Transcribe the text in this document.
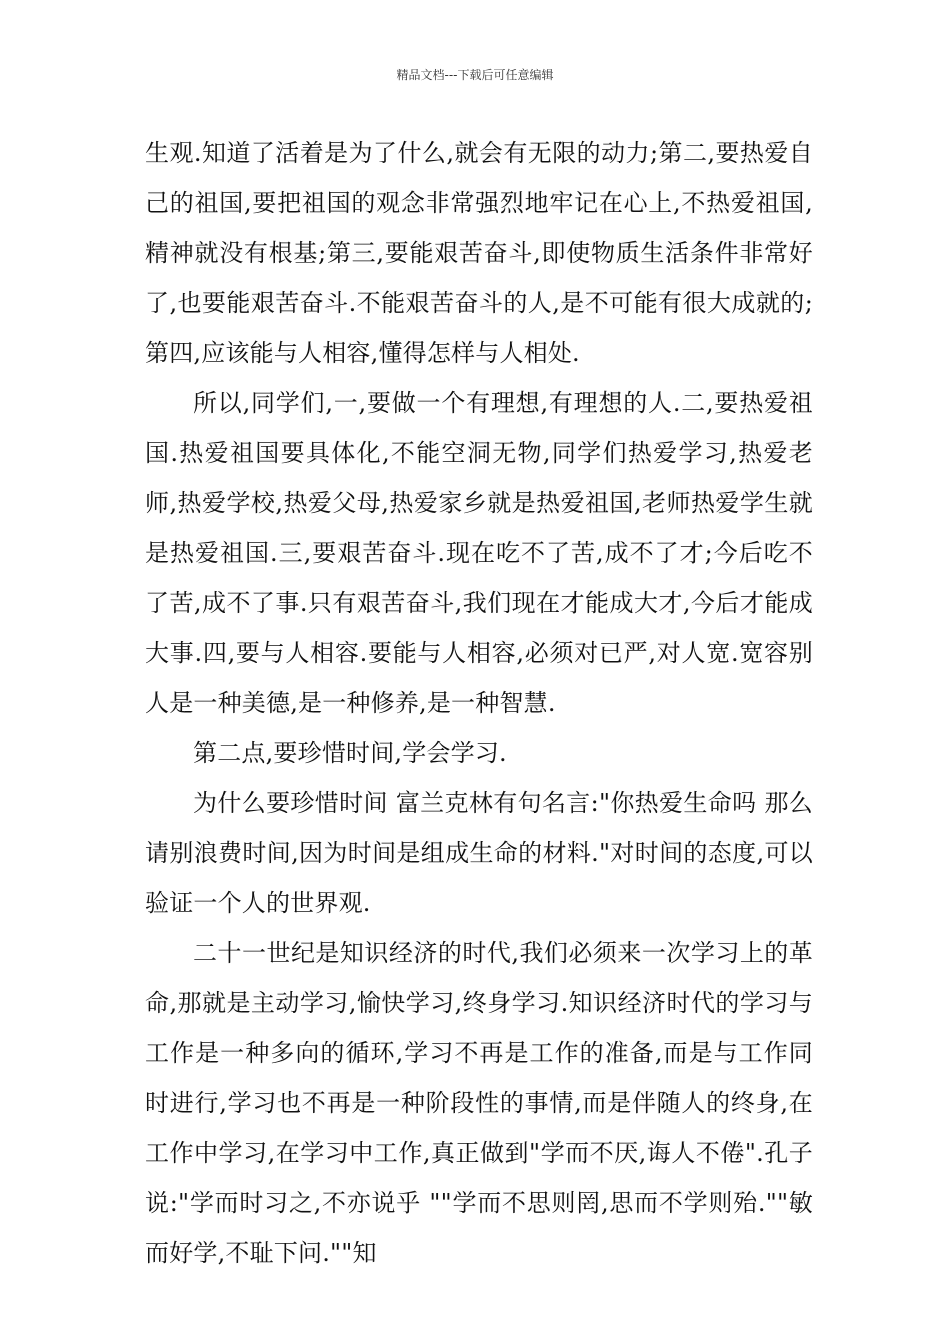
精品文档---下载后可任意编辑

生观.知道了活着是为了什么,就会有无限的动力;第二,要热爱自己的祖国,要把祖国的观念非常强烈地牢记在心上,不热爱祖国,精神就没有根基;第三,要能艰苦奋斗,即使物质生活条件非常好了,也要能艰苦奋斗.不能艰苦奋斗的人,是不可能有很大成就的;第四,应该能与人相容,懂得怎样与人相处.

所以,同学们,一,要做一个有理想,有理想的人.二,要热爱祖国.热爱祖国要具体化,不能空洞无物,同学们热爱学习,热爱老师,热爱学校,热爱父母,热爱家乡就是热爱祖国,老师热爱学生就是热爱祖国.三,要艰苦奋斗.现在吃不了苦,成不了才;今后吃不了苦,成不了事.只有艰苦奋斗,我们现在才能成大才,今后才能成大事.四,要与人相容.要能与人相容,必须对已严,对人宽.宽容别人是一种美德,是一种修养,是一种智慧.

第二点,要珍惜时间,学会学习.

为什么要珍惜时间 富兰克林有句名言:"你热爱生命吗 那么请别浪费时间,因为时间是组成生命的材料."对时间的态度,可以验证一个人的世界观.

二十一世纪是知识经济的时代,我们必须来一次学习上的革命,那就是主动学习,愉快学习,终身学习.知识经济时代的学习与工作是一种多向的循环,学习不再是工作的准备,而是与工作同时进行,学习也不再是一种阶段性的事情,而是伴随人的终身,在工作中学习,在学习中工作,真正做到"学而不厌,诲人不倦".孔子说:"学而时习之,不亦说乎 ""学而不思则罔,思而不学则殆.""敏而好学,不耻下问.""知
